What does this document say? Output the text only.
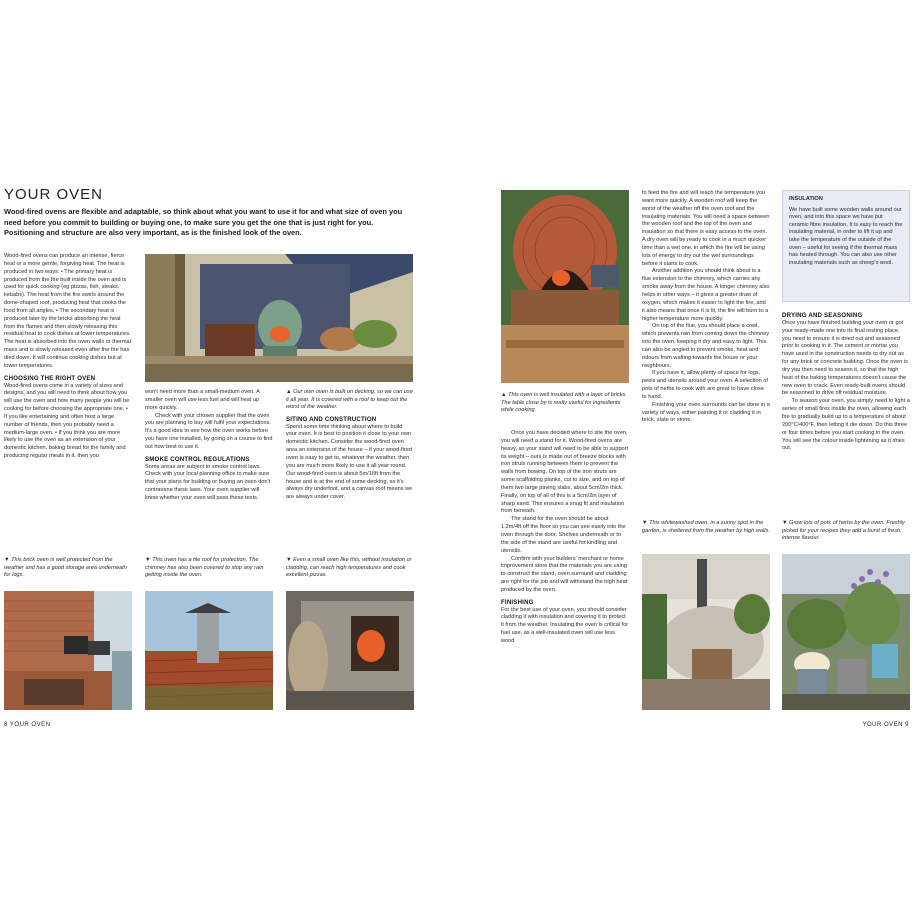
YOUR OVEN
Wood-fired ovens are flexible and adaptable, so think about what you want to use it for and what size of oven you need before you commit to building or buying one, to make sure you get the one that is just right for you. Positioning and structure are also very important, as is the finished look of the oven.

Wood-fired ovens can produce an intense, fierce heat or a more gentle, forgiving heat. The heat is produced in two ways: • The primary heat is produced from the fire built inside the oven and is used for quick cooking (eg pizzas, fish, steaks, kebabs). The heat from the fire swirls around the dome-shaped roof, producing heat that cooks the food from all angles. • The secondary heat is produced later by the bricks absorbing the heat from the flames and then slowly releasing this residual heat to cook dishes at lower temperatures. The heat is absorbed into the oven walls or thermal mass and is slowly released even after the fire has died down. It will continue cooking dishes but at lower temperatures.

CHOOSING THE RIGHT OVEN

Wood-fired ovens come in a variety of sizes and designs, and you will need to think about how you will use the oven and how many people you will be cooking for before choosing the appropriate one. • If you like entertaining and often host a large number of friends, then you probably need a medium-large oven. • If you think you are more likely to use the oven as an extension of your domestic kitchen, baking bread for the family and producing regular meals in it, then you

won't need more than a small-medium oven. A smaller oven will use less fuel and will heat up more quickly.

Check with your chosen supplier that the oven you are planning to buy will fulfil your expectations. It's a good idea to see how the oven works before you have one installed, by going on a course to find out how best to use it.

SMOKE CONTROL REGULATIONS

Some areas are subject to smoke control laws. Check with your local planning office to make sure that your plans for building or buying an oven don't contravene these laws. Your oven supplier will know whether your oven will pass these tests.

▲ Our own oven is built on decking, so we can use it all year. It is covered with a roof to keep out the worst of the weather.

SITING AND CONSTRUCTION

Spend some time thinking about where to build your oven. It is best to position it close to your own domestic kitchen. Consider the wood-fired oven area an extension of the house – if your wood-fired oven is easy to get to, whatever the weather, then you are much more likely to use it all year round. Our wood-fired oven is about 5m/16ft from the house and is at the end of some decking, so it's always dry underfoot, and a canvas roof means we are always under cover.

▼ This brick oven is well protected from the weather and has a good storage area underneath for logs.
▼ This oven has a tile roof for protection. The chimney has also been covered to stop any rain getting inside the oven.
▼ Even a small oven like this, without insulation or cladding, can reach high temperatures and cook excellent pizzas.
8 YOUR OVEN
▲ This oven is well insulated with a layer of bricks. The table close by is really useful for ingredients while cooking.

Once you have decided where to site the oven, you will need a stand for it. Wood-fired ovens are heavy, so your stand will need to be able to support its weight – ours is made out of breeze blocks with iron struts running between them to prevent the walls from bowing. On top of the iron struts are some scaffolding planks, cut to size, and on top of them two large paving slabs, about 5cm/2in thick. Finally, on top of all of this is a 5cm/2in layer of sharp sand. This ensures a snug fit and insulation from beneath.

The stand for the oven should be about 1.2m/4ft off the floor so you can see easily into the oven through the door. Shelves underneath or to the side of the stand are useful for kindling and utensils.

Confirm with your builders' merchant or home improvement store that the materials you are using to construct the stand, oven surround and cladding are right for the job and will withstand the high heat produced by the oven.

FINISHING

For the best use of your oven, you should consider cladding it with insulation and covering it to protect it from the weather. Insulating the oven is critical for fuel use, as a well-insulated oven will use less wood

to feed the fire and will reach the temperature you want more quickly. A wooden roof will keep the worst of the weather off the oven roof and the insulating materials. You will need a space between the wooden roof and the top of the oven and insulation so that there is easy access to the oven. A dry oven will be ready to cook in a much quicker time than a wet one, in which the fire will be using lots of energy to dry out the wet surroundings before it starts to cook.

Another addition you should think about is a flue extension to the chimney, which carries any smoke away from the house. A longer chimney also helps in other ways – it gives a greater draw of oxygen, which makes it easier to light the fire, and it also means that once it is lit, the fire will burn to a higher temperature more quickly.

On top of the flue, you should place a cowl, which prevents rain from coming down the chimney into the oven, keeping it dry and easy to light. This can also be angled to prevent smoke, heat and odours from wafting towards the house or your neighbours.

If you have it, allow plenty of space for logs, peels and utensils around your oven. A selection of pots of herbs to cook with are great to have close to hand.

Finishing your oven surrounds can be done in a variety of ways, either painting it or cladding it in brick, slate or stone.

▼ This whitewashed oven, in a sunny spot in the garden, is sheltered from the weather by high walls.
INSULATION
We have built some wooden walls around our oven, and into this space we have put ceramic fibre insulation. It is easy to reach the insulating material, in order to lift it up and take the temperature of the outside of the oven – useful for seeing if the thermal mass has heated through. You can also use other insulating materials such as sheep's wool.
DRYING AND SEASONING

Once you have finished building your oven or got your ready-made one into its final resting place, you need to ensure it is dried out and seasoned prior to cooking in it. The cement or mortar you have used in the construction needs to dry out as for any brick or concrete building. Once the oven is dry you then need to season it, so that the high heat of the baking temperatures doesn't cause the new oven to crack. Even ready-built ovens should be seasoned to drive off residual moisture.

To season your oven, you simply need to light a series of small fires inside the oven, allowing each fire to gradually build up to a temperature of about 200°C/400°F, then letting it die down. Do this three or four times before you start cooking in the oven. You will see the colour inside lightening as it dries out.

▼ Grow lots of pots of herbs by the oven. Freshly picked for your recipes they add a burst of fresh, intense flavour.
YOUR OVEN 9
